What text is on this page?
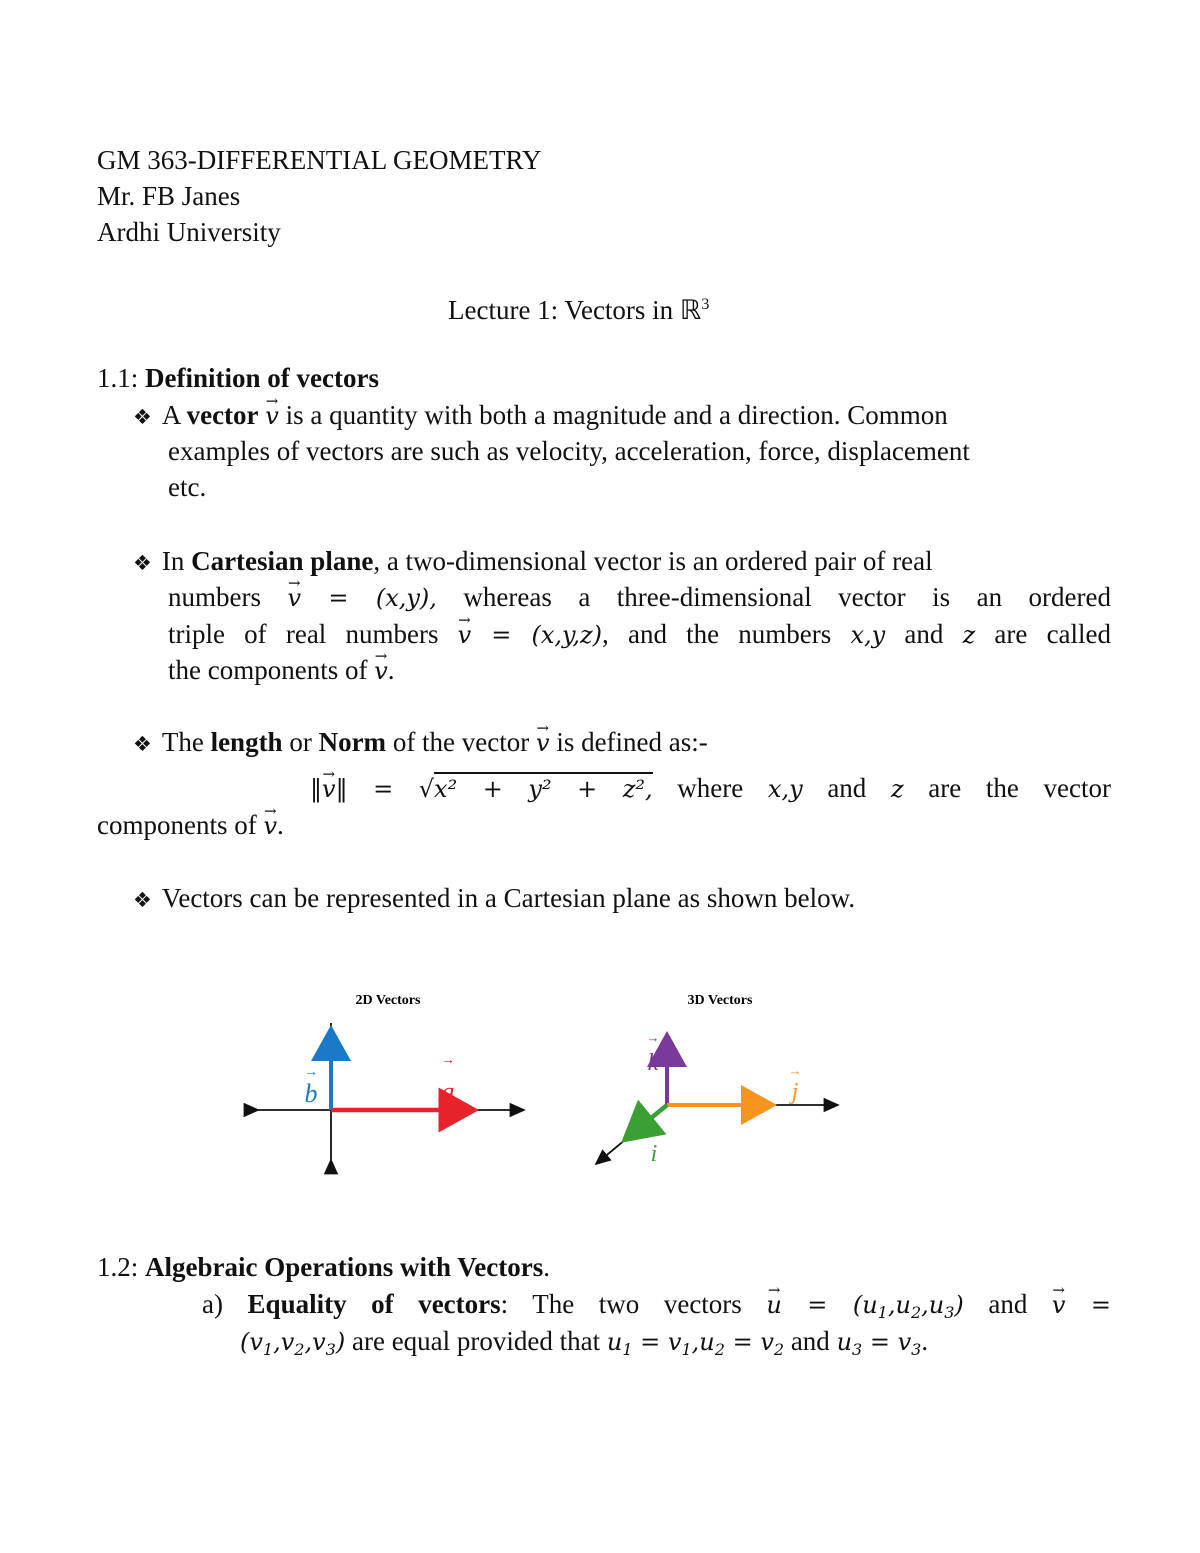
GM 363-DIFFERENTIAL GEOMETRY
Mr. FB Janes
Ardhi University
Lecture 1: Vectors in ℝ$^3$
1.1: Definition of vectors
❖ A vector → v is a quantity with both a magnitude and a direction. Common
examples of vectors are such as velocity, acceleration, force, displacement
etc.
❖ In Cartesian plane, a two-dimensional vector is an ordered pair of real
numbers → v = (x,y), whereas a three-dimensional vector is an ordered
triple of real numbers → v = (x,y,z), and the numbers x,y and z are called
the components of → v.
❖ The length or Norm of the vector → v is defined as:-
‖→ v‖ = √x² + y² + z², where x,y and z are the vector
components of → v.
❖ Vectors can be represented in a Cartesian plane as shown below.
2D Vectors
→
b
→
a
3D Vectors
→
k	→
j
→
i
1.2: Algebraic Operations with Vectors.
a) Equality of vectors: The two vectors → $u = (u_1,u_2,u_3)$ and → v =
$(v_1,v_2,v_3)$ are equal provided that $u_1 = v_1,u_2 = v_2$ and $u_3 = v_3$.
